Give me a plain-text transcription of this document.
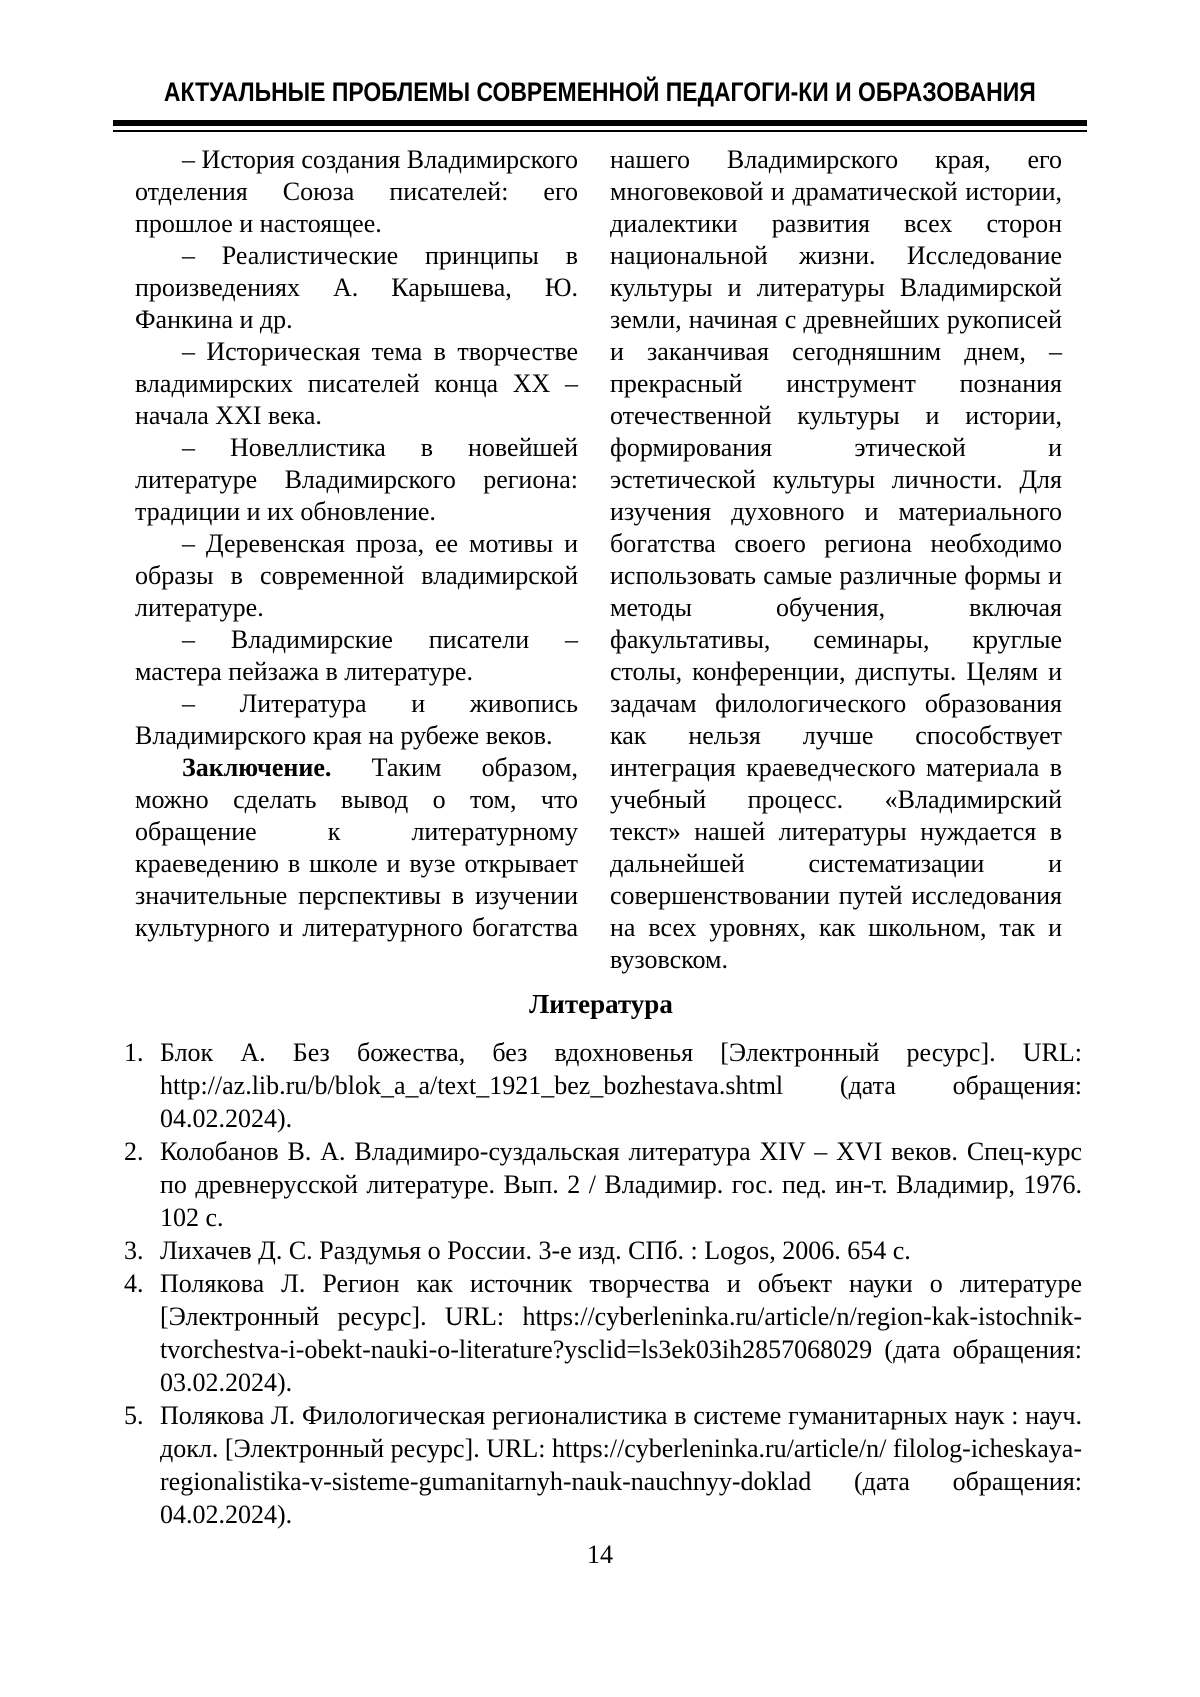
АКТУАЛЬНЫЕ ПРОБЛЕМЫ СОВРЕМЕННОЙ ПЕДАГОГИ-КИ И ОБРАЗОВАНИЯ

– История создания Владимирского отделения Союза писателей: его прошлое и настоящее.

– Реалистические принципы в произведениях А. Карышева, Ю. Фанкина и др.

– Историческая тема в творчестве владимирских писателей конца XX – начала XXI века.

– Новеллистика в новейшей литературе Владимирского региона: традиции и их обновление.

– Деревенская проза, ее мотивы и образы в современной владимирской литературе.

– Владимирские писатели – мастера пейзажа в литературе.

– Литература и живопись Владимирского края на рубеже веков.

Заключение. Таким образом, можно сделать вывод о том, что обращение к литературному краеведению в школе и вузе открывает значительные перспективы в изучении культурного и литературного богатства

нашего Владимирского края, его многовековой и драматической истории, диалектики развития всех сторон национальной жизни. Исследование культуры и литературы Владимирской земли, начиная с древнейших рукописей и заканчивая сегодняшним днем, – прекрасный инструмент познания отечественной культуры и истории, формирования этической и эстетической культуры личности. Для изучения духовного и материального богатства своего региона необходимо использовать самые различные формы и методы обучения, включая факультативы, семинары, круглые столы, конференции, диспуты. Целям и задачам филологического образования как нельзя лучше способствует интеграция краеведческого материала в учебный процесс. «Владимирский текст» нашей литературы нуждается в дальнейшей систематизации и совершенствовании путей исследования на всех уровнях, как школьном, так и вузовском.

Литература
1. Блок А. Без божества, без вдохновенья [Электронный ресурс]. URL: http://az.lib.ru/b/blok_a_a/text_1921_bez_bozhestava.shtml (дата обращения: 04.02.2024).
2. Колобанов В. А. Владимиро-суздальская литература XIV – XVI веков. Спец-курс по древнерусской литературе. Вып. 2 / Владимир. гос. пед. ин-т. Владимир, 1976. 102 с.
3. Лихачев Д. С. Раздумья о России. 3-е изд. СПб. : Logos, 2006. 654 с.
4. Полякова Л. Регион как источник творчества и объект науки о литературе [Электронный ресурс]. URL: https://cyberleninka.ru/article/n/region-kak-istochnik-tvorchestva-i-obekt-nauki-o-literature?ysclid=ls3ek03ih2857068029 (дата обращения: 03.02.2024).
5. Полякова Л. Филологическая регионалистика в системе гуманитарных наук : науч. докл. [Электронный ресурс]. URL: https://cyberleninka.ru/article/n/ filolog-icheskaya-regionalistika-v-sisteme-gumanitarnyh-nauk-nauchnyy-doklad (дата обращения: 04.02.2024).
14
